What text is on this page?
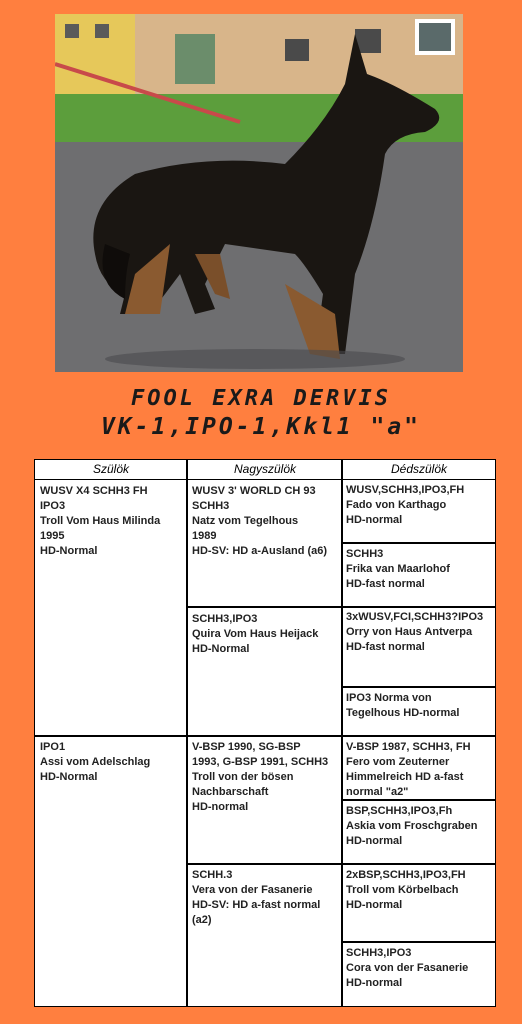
FOOL EXRA DERVIS
VK-1,IPO-1,Kkl1 "a"
Szülök	Nagyszülök	Dédszülök
WUSV X4 SCHH3 FH
IPO3
Troll Vom Haus Milinda
1995
HD-Normal
IPO1
Assi vom Adelschlag
HD-Normal
WUSV 3' WORLD CH 93
SCHH3
Natz vom Tegelhous
1989
HD-SV: HD a-Ausland (a6)
SCHH3,IPO3
Quira Vom Haus Heijack
HD-Normal
V-BSP 1990, SG-BSP
1993, G-BSP 1991, SCHH3
Troll von der bösen
Nachbarschaft
HD-normal
SCHH.3
Vera von der Fasanerie
HD-SV: HD a-fast normal
(a2)
WUSV,SCHH3,IPO3,FH
Fado von Karthago
HD-normal
SCHH3
Frika van Maarlohof
HD-fast normal
3xWUSV,FCI,SCHH3?IPO3
Orry von Haus Antverpa
HD-fast normal
IPO3 Norma von
Tegelhous HD-normal
V-BSP 1987, SCHH3, FH
Fero vom Zeuterner
Himmelreich HD a-fast
normal "a2"
BSP,SCHH3,IPO3,Fh
Askia vom Froschgraben
HD-normal
2xBSP,SCHH3,IPO3,FH
Troll vom Körbelbach
HD-normal
SCHH3,IPO3
Cora von der Fasanerie
HD-normal
